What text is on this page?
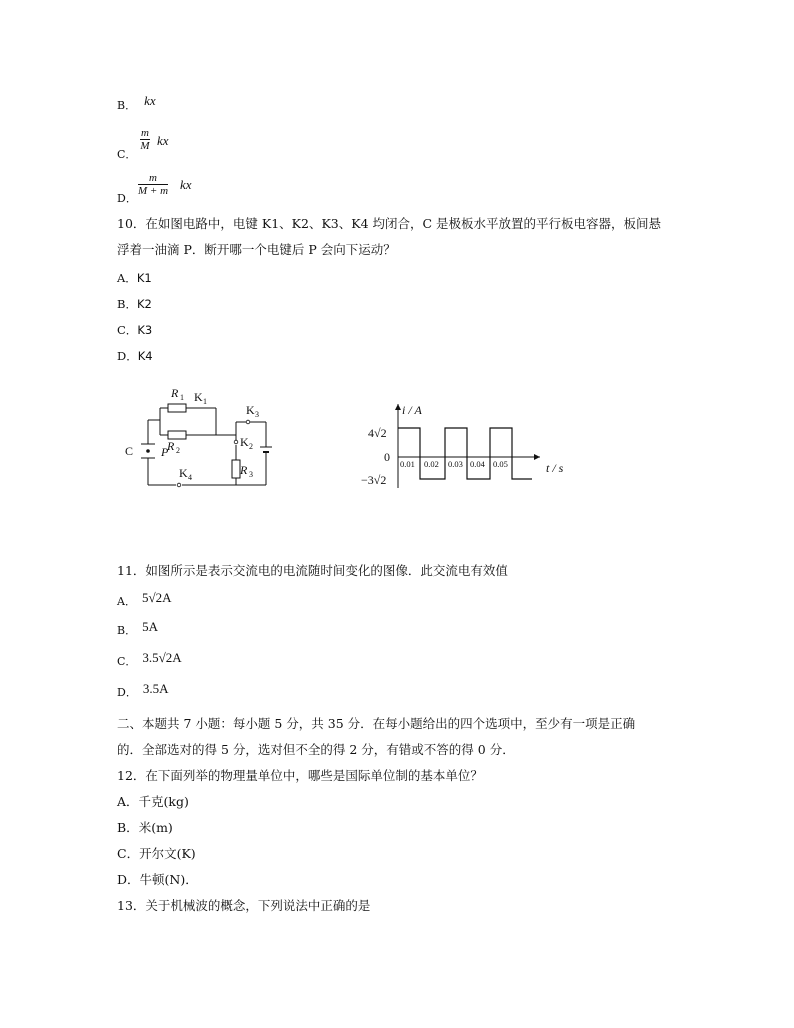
B． kx
C．
$\frac{m}{M}$ kx
D．
$\frac{m}{M + m}$ kx
10．在如图电路中，电键 K1、K2、K3、K4 均闭合，C 是极板水平放置的平行板电容器，板间悬
浮着一油滴 P．断开哪一个电键后 P 会向下运动？
A．K1
B．K2
C．K3
D．K4
R 1
R 2
R 3
P
K 1
K 3
K 2
K 4
C
i / A
t / s
4√2
0
−3√2
0.01 0.02 0.03 0.04 0.05
11．如图所示是表示交流电的电流随时间变化的图像．此交流电有效值
A． 5√2A
B． 5A
C． 3.5√2A
D． 3.5A
二、本题共 7 小题：每小题 5 分，共 35 分．在每小题给出的四个选项中，至少有一项是正确
的．全部选对的得 5 分，选对但不全的得 2 分，有错或不答的得 0 分．
12．在下面列举的物理量单位中，哪些是国际单位制的基本单位？
A．千克(kg)
B．米(m)
C．开尔文(K)
D．牛顿(N)．
13．关于机械波的概念，下列说法中正确的是
